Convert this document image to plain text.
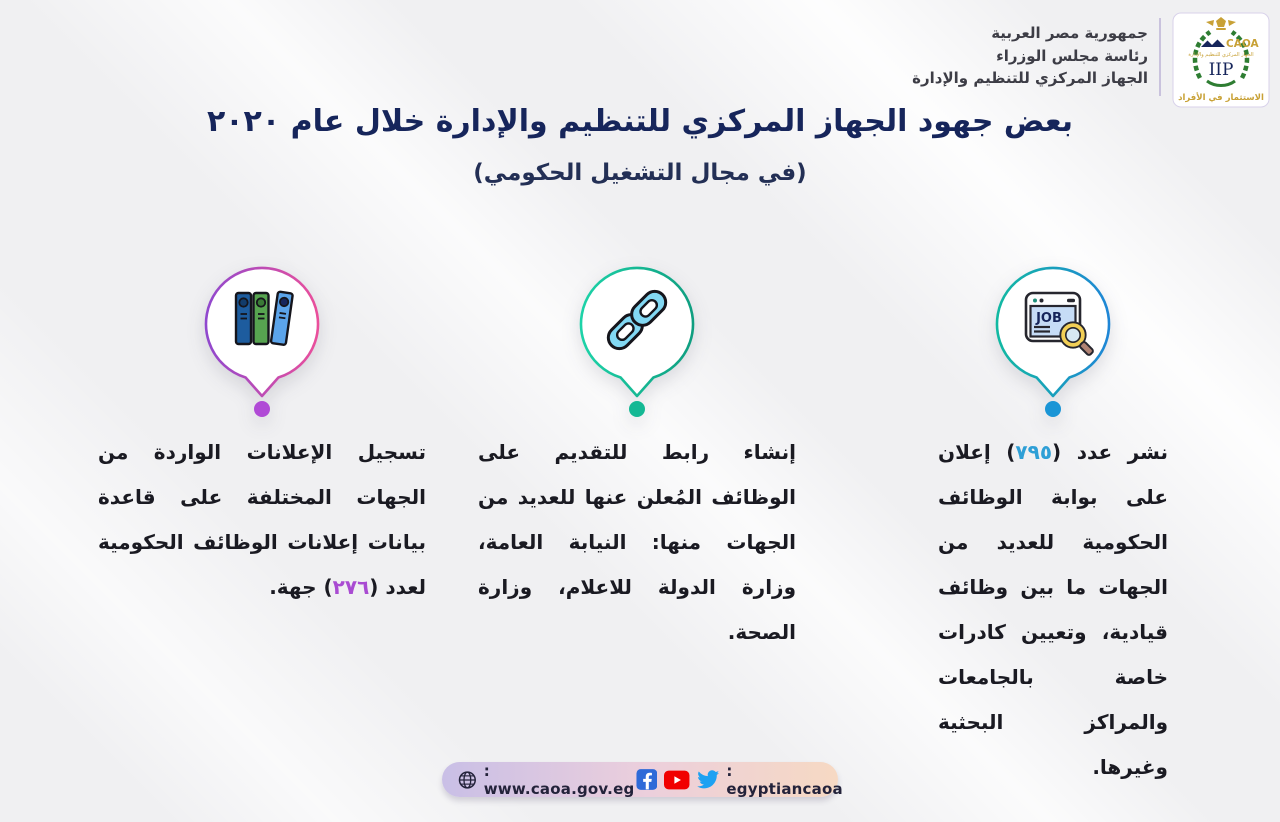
جمهورية مصر العربية
رئاسة مجلس الوزراء
الجهاز المركزي للتنظيم والإدارة
CAOA
الجهاز المركزي للتنظيم والإدارة
IIP
الاستثمار في الأفراد
بعض جهود الجهاز المركزي للتنظيم والإدارة خلال عام ٢٠٢٠
(في مجال التشغيل الحكومي)
JOB

نشر عدد (٧٩٥) إعلان على بوابة الوظائف الحكومية للعديد من الجهات ما بين وظائف قيادية، وتعيين كادرات خاصة بالجامعات والمراكز البحثية وغيرها.

إنشاء رابط للتقديم على الوظائف المُعلن عنها للعديد من الجهات منها: النيابة العامة، وزارة الدولة للاعلام، وزارة الصحة.

تسجيل الإعلانات الواردة من الجهات المختلفة على قاعدة بيانات إعلانات الوظائف الحكومية لعدد (٢٧٦) جهة.

: www.caoa.gov.eg
: egyptiancaoa
